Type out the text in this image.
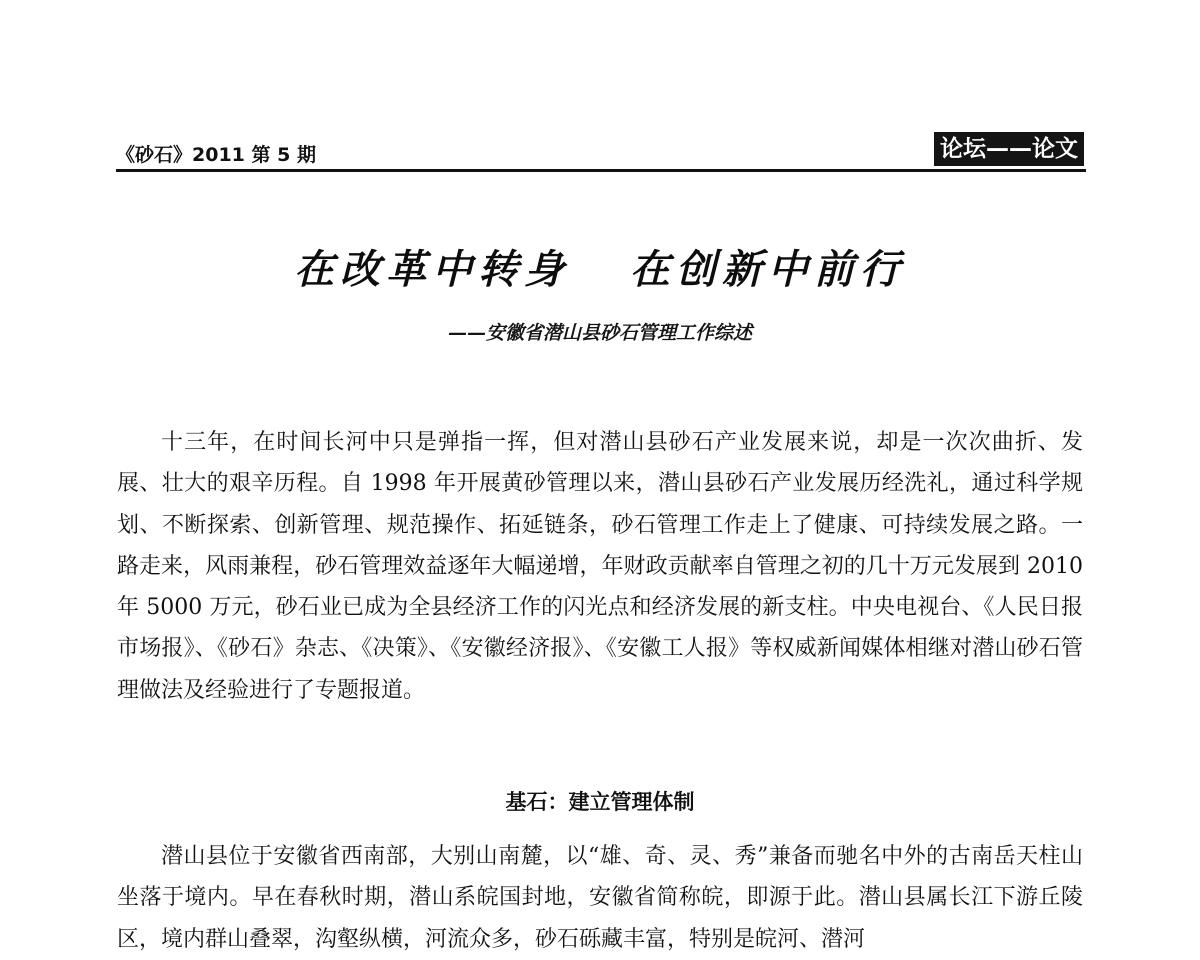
《砂石》2011 第 5 期	论坛——论文
在改革中转身   在创新中前行
——安徽省潜山县砂石管理工作综述

十三年，在时间长河中只是弹指一挥，但对潜山县砂石产业发展来说，却是一次次曲折、发展、壮大的艰辛历程。自 1998 年开展黄砂管理以来，潜山县砂石产业发展历经洗礼，通过科学规划、不断探索、创新管理、规范操作、拓延链条，砂石管理工作走上了健康、可持续发展之路。一路走来，风雨兼程，砂石管理效益逐年大幅递增，年财政贡献率自管理之初的几十万元发展到 2010 年 5000 万元，砂石业已成为全县经济工作的闪光点和经济发展的新支柱。中央电视台、《人民日报市场报》、《砂石》杂志、《决策》、《安徽经济报》、《安徽工人报》等权威新闻媒体相继对潜山砂石管理做法及经验进行了专题报道。

基石：建立管理体制

潜山县位于安徽省西南部，大别山南麓，以“雄、奇、灵、秀”兼备而驰名中外的古南岳天柱山坐落于境内。早在春秋时期，潜山系皖国封地，安徽省简称皖，即源于此。潜山县属长江下游丘陵区，境内群山叠翠，沟壑纵横，河流众多，砂石砾藏丰富，特别是皖河、潜河
